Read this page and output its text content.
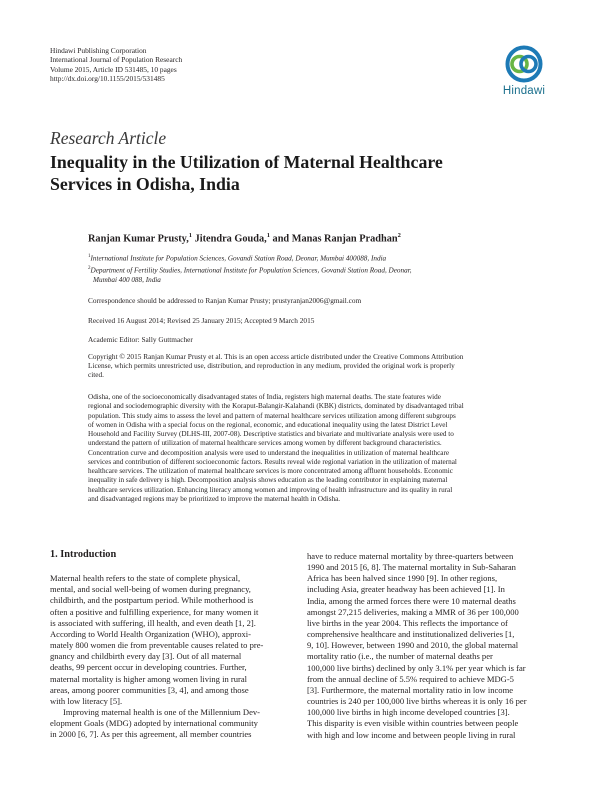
Hindawi Publishing Corporation
International Journal of Population Research
Volume 2015, Article ID 531485, 10 pages
http://dx.doi.org/10.1155/2015/531485
Hindawi
Research Article
Inequality in the Utilization of Maternal Healthcare
Services in Odisha, India
Ranjan Kumar Prusty,$^1$ Jitendra Gouda,$^1$ and Manas Ranjan Pradhan$^2$
$^1$International Institute for Population Sciences, Govandi Station Road, Deonar, Mumbai 400088, India
$^2$Department of Fertility Studies, International Institute for Population Sciences, Govandi Station Road, Deonar,
Mumbai 400 088, India
Correspondence should be addressed to Ranjan Kumar Prusty; prustyranjan2006@gmail.com
Received 16 August 2014; Revised 25 January 2015; Accepted 9 March 2015
Academic Editor: Sally Guttmacher
Copyright © 2015 Ranjan Kumar Prusty et al. This is an open access article distributed under the Creative Commons Attribution
License, which permits unrestricted use, distribution, and reproduction in any medium, provided the original work is properly
cited.
Odisha, one of the socioeconomically disadvantaged states of India, registers high maternal deaths. The state features wide
regional and sociodemographic diversity with the Koraput-Balangir-Kalahandi (KBK) districts, dominated by disadvantaged tribal
population. This study aims to assess the level and pattern of maternal healthcare services utilization among different subgroups
of women in Odisha with a special focus on the regional, economic, and educational inequality using the latest District Level
Household and Facility Survey (DLHS-III, 2007-08). Descriptive statistics and bivariate and multivariate analysis were used to
understand the pattern of utilization of maternal healthcare services among women by different background characteristics.
Concentration curve and decomposition analysis were used to understand the inequalities in utilization of maternal healthcare
services and contribution of different socioeconomic factors. Results reveal wide regional variation in the utilization of maternal
healthcare services. The utilization of maternal healthcare services is more concentrated among affluent households. Economic
inequality in safe delivery is high. Decomposition analysis shows education as the leading contributor in explaining maternal
healthcare services utilization. Enhancing literacy among women and improving of health infrastructure and its quality in rural
and disadvantaged regions may be prioritized to improve the maternal health in Odisha.
1. Introduction
Maternal health refers to the state of complete physical,
mental, and social well-being of women during pregnancy,
childbirth, and the postpartum period. While motherhood is
often a positive and fulfilling experience, for many women it
is associated with suffering, ill health, and even death [1, 2].
According to World Health Organization (WHO), approxi-
mately 800 women die from preventable causes related to pre-
gnancy and childbirth every day [3]. Out of all maternal
deaths, 99 percent occur in developing countries. Further,
maternal mortality is higher among women living in rural
areas, among poorer communities [3, 4], and among those
with low literacy [5].
Improving maternal health is one of the Millennium Dev-
elopment Goals (MDG) adopted by international community
in 2000 [6, 7]. As per this agreement, all member countries
have to reduce maternal mortality by three-quarters between
1990 and 2015 [6, 8]. The maternal mortality in Sub-Saharan
Africa has been halved since 1990 [9]. In other regions,
including Asia, greater headway has been achieved [1]. In
India, among the armed forces there were 10 maternal deaths
amongst 27,215 deliveries, making a MMR of 36 per 100,000
live births in the year 2004. This reflects the importance of
comprehensive healthcare and institutionalized deliveries [1,
9, 10]. However, between 1990 and 2010, the global maternal
mortality ratio (i.e., the number of maternal deaths per
100,000 live births) declined by only 3.1% per year which is far
from the annual decline of 5.5% required to achieve MDG-5
[3]. Furthermore, the maternal mortality ratio in low income
countries is 240 per 100,000 live births whereas it is only 16 per
100,000 live births in high income developed countries [3].
This disparity is even visible within countries between people
with high and low income and between people living in rural
